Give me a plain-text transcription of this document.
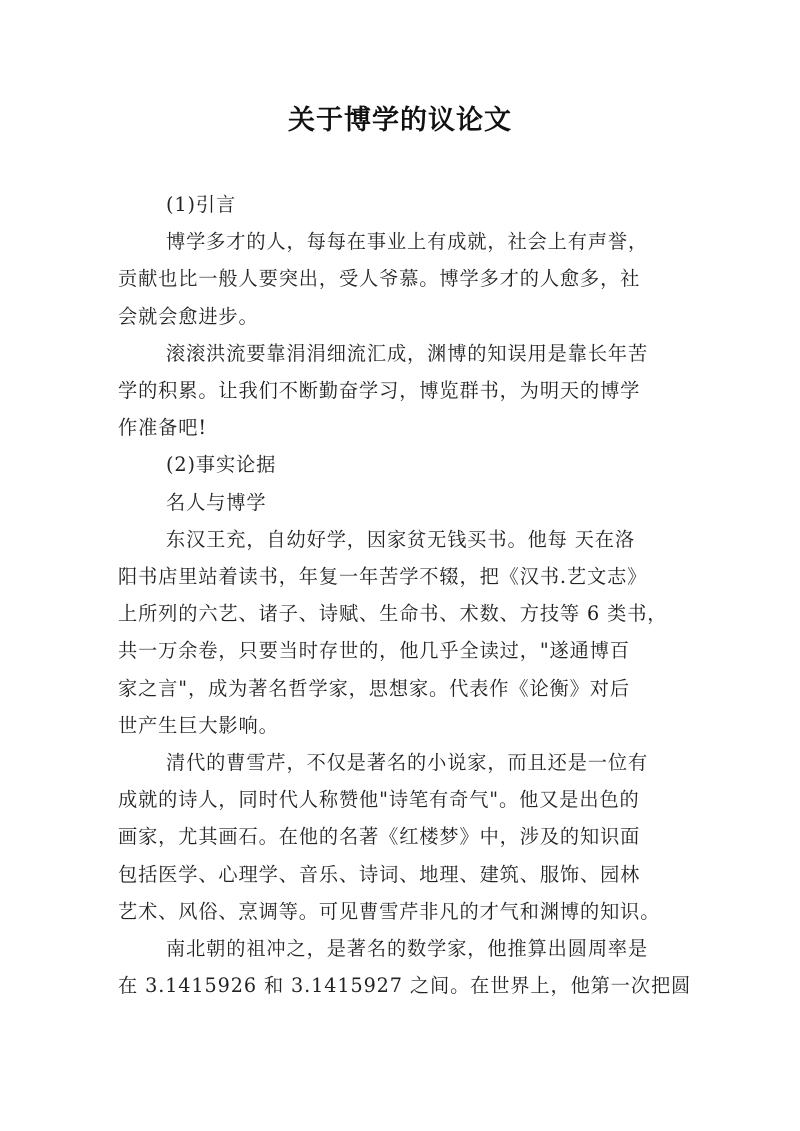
关于博学的议论文

(1)引言

博学多才的人，每每在事业上有成就，社会上有声誉，
贡献也比一般人要突出，受人爷慕。博学多才的人愈多，社
会就会愈进步。

滚滚洪流要靠涓涓细流汇成，渊博的知误用是靠长年苦
学的积累。让我们不断勤奋学习，博览群书，为明天的博学
作准备吧!

(2)事实论据

名人与博学

东汉王充，自幼好学，因家贫无钱买书。他每 天在洛
阳书店里站着读书，年复一年苦学不辍，把《汉书.艺文志》
上所列的六艺、诸子、诗赋、生命书、术数、方技等 6 类书，
共一万余卷，只要当时存世的，他几乎全读过，"遂通博百
家之言"，成为著名哲学家，思想家。代表作《论衡》对后
世产生巨大影响。

清代的曹雪芹，不仅是著名的小说家，而且还是一位有
成就的诗人，同时代人称赞他"诗笔有奇气"。他又是出色的
画家，尤其画石。在他的名著《红楼梦》中，涉及的知识面
包括医学、心理学、音乐、诗词、地理、建筑、服饰、园林
艺术、风俗、烹调等。可见曹雪芹非凡的才气和渊博的知识。

南北朝的祖冲之，是著名的数学家，他推算出圆周率是
在 3.1415926 和 3.1415927 之间。在世界上，他第一次把圆
